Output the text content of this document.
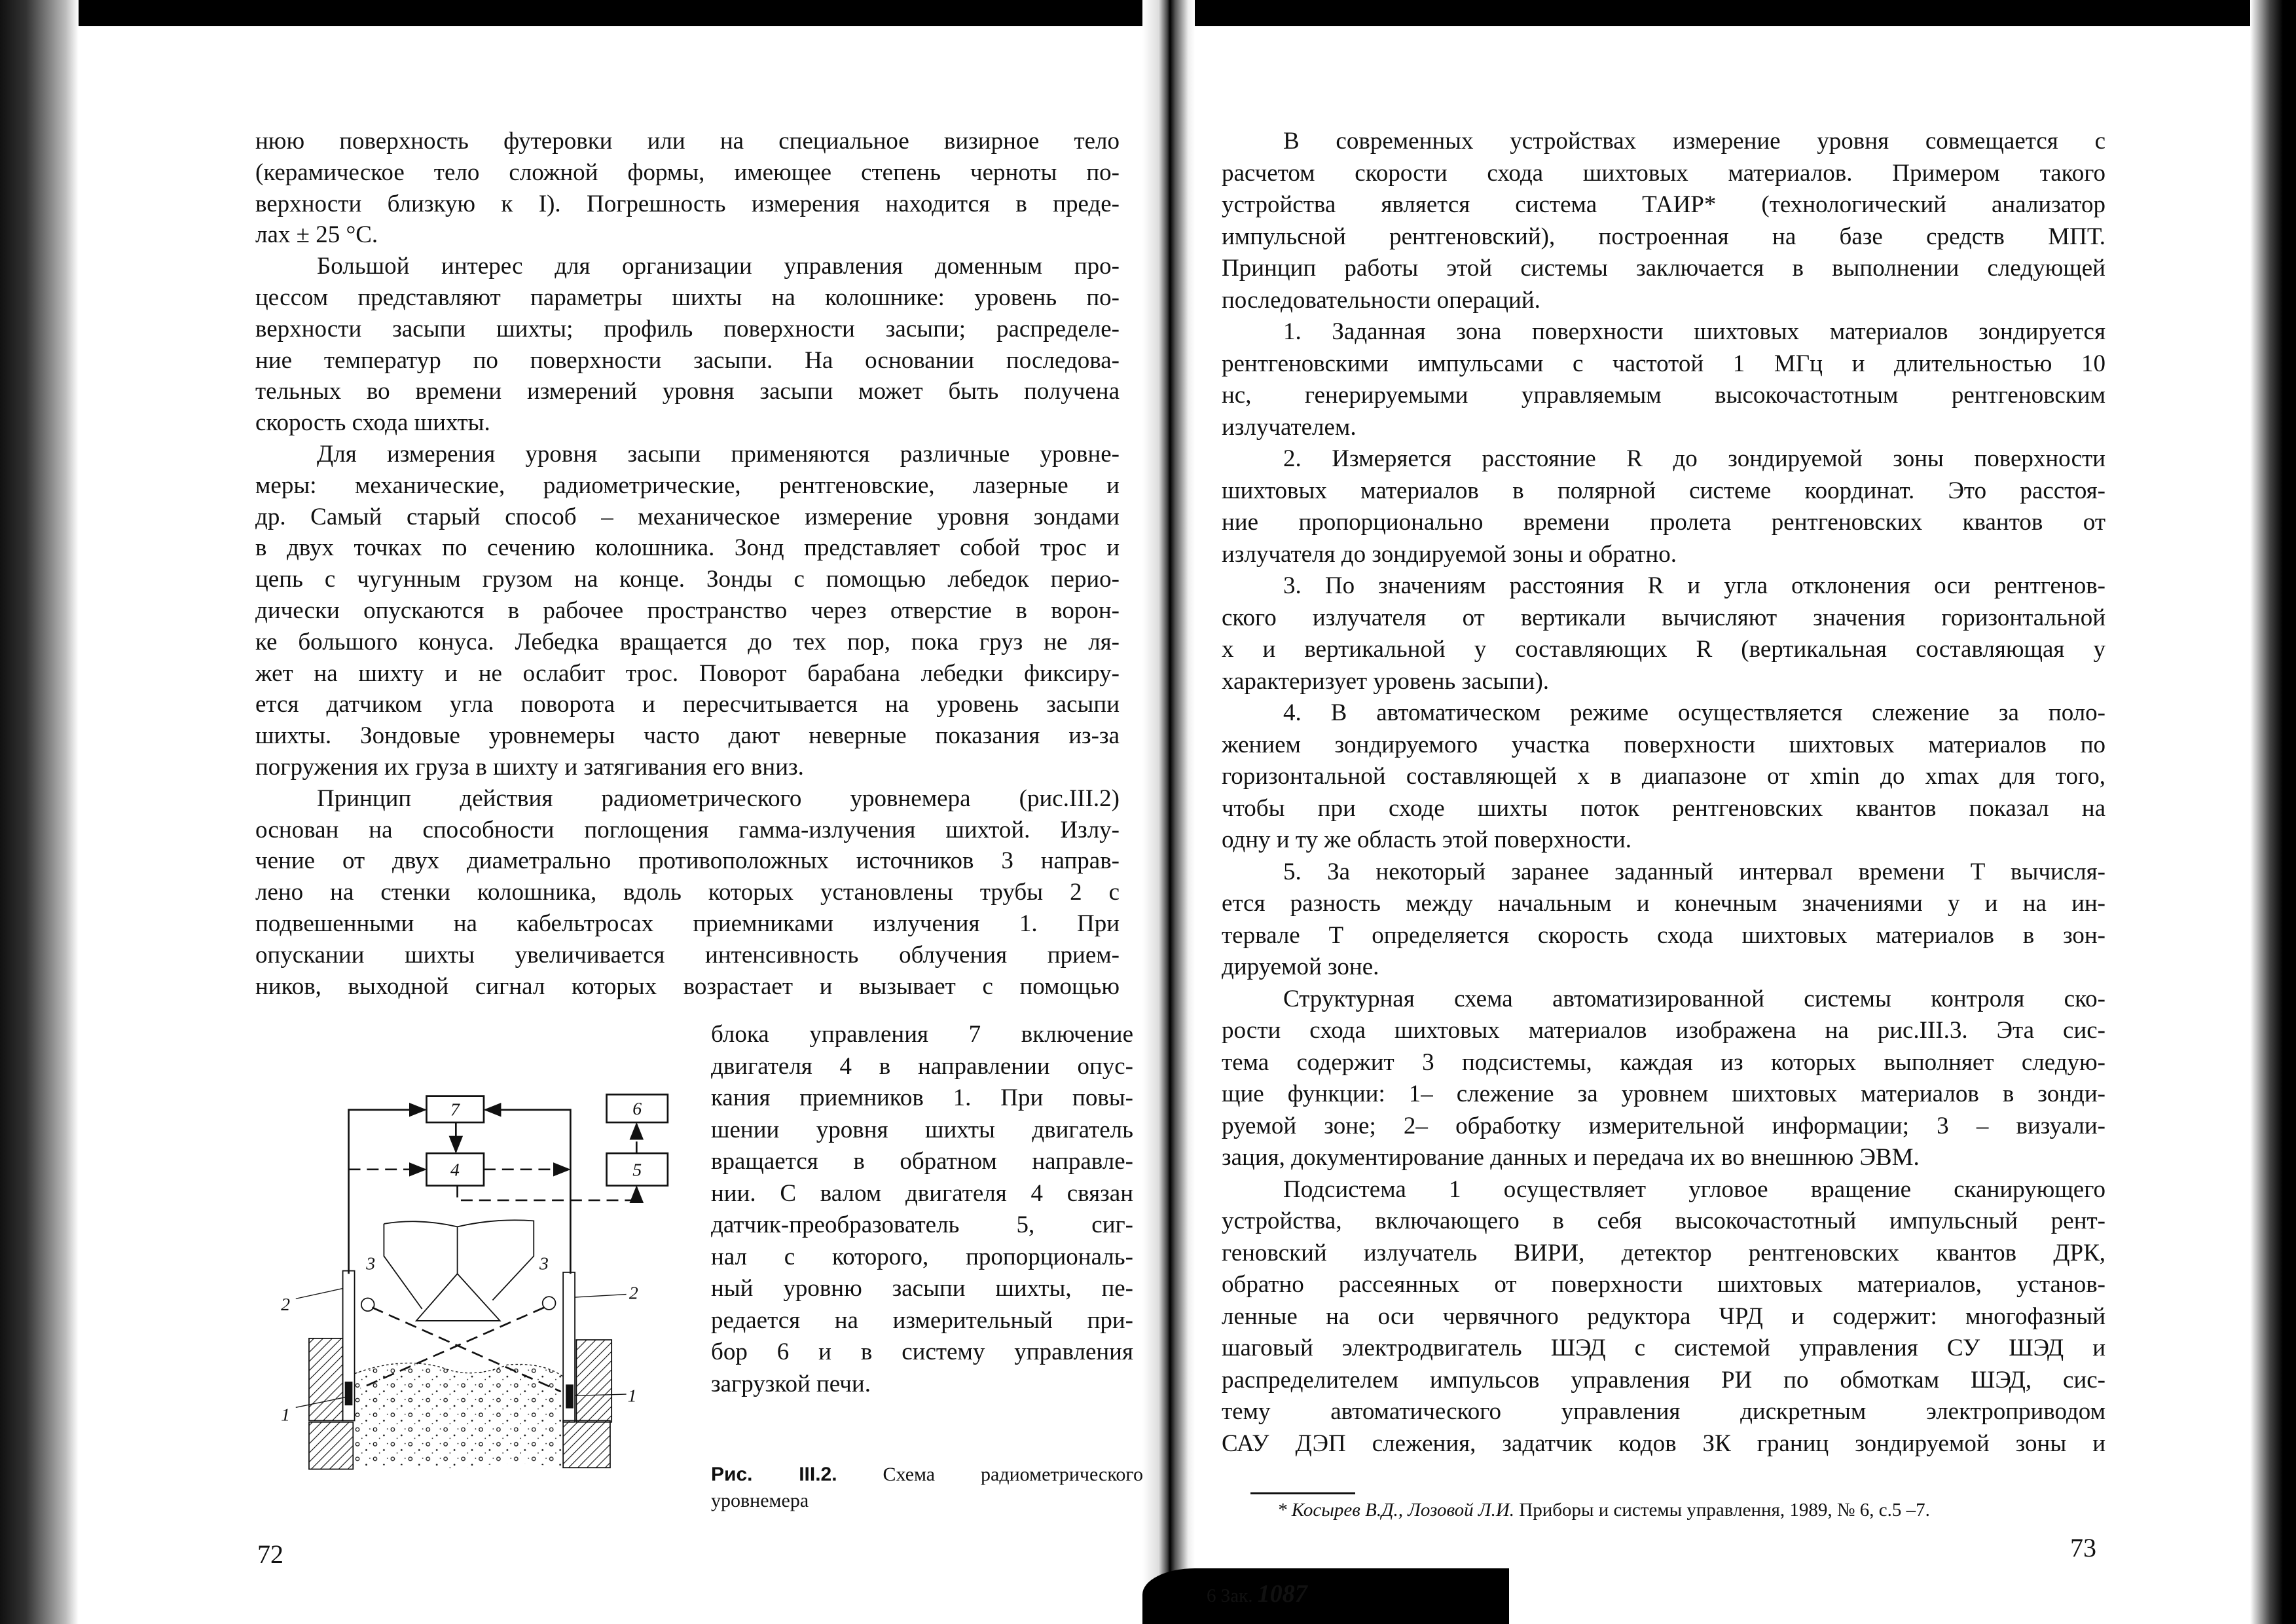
нюю поверхность футеровки или на специальное визирное тело
(керамическое тело сложной формы, имеющее степень черноты по-
верхности близкую к I). Погрешность измерения находится в преде-
лах ± 25 °С.
Большой интерес для организации управления доменным про-
цессом представляют параметры шихты на колошнике: уровень по-
верхности засыпи шихты; профиль поверхности засыпи; распределе-
ние температур по поверхности засыпи. На основании последова-
тельных во времени измерений уровня засыпи может быть получена
скорость схода шихты.
Для измерения уровня засыпи применяются различные уровне-
меры: механические, радиометрические, рентгеновские, лазерные и
др. Самый старый способ – механическое измерение уровня зондами
в двух точках по сечению колошника. Зонд представляет собой трос и
цепь с чугунным грузом на конце. Зонды с помощью лебедок перио-
дически опускаются в рабочее пространство через отверстие в ворон-
ке большого конуса. Лебедка вращается до тех пор, пока груз не ля-
жет на шихту и не ослабит трос. Поворот барабана лебедки фиксиру-
ется датчиком угла поворота и пересчитывается на уровень засыпи
шихты. Зондовые уровнемеры часто дают неверные показания из-за
погружения их груза в шихту и затягивания его вниз.
Принцип действия радиометрического уровнемера (рис.III.2)
основан на способности поглощения гамма-излучения шихтой. Излу-
чение от двух диаметрально противоположных источников 3 направ-
лено на стенки колошника, вдоль которых установлены трубы 2 с
подвешенными на кабельтросах приемниками излучения 1. При
опускании шихты увеличивается интенсивность облучения прием-
ников, выходной сигнал которых возрастает и вызывает с помощью
блока управления 7 включение
двигателя 4 в направлении опус-
кания приемников 1. При повы-
шении уровня шихты двигатель
вращается в обратном направле-
нии. С валом двигателя 4 связан
датчик-преобразователь 5, сиг-
нал с которого, пропорциональ-
ный уровню засыпи шихты, пе-
редается на измерительный при-
бор 6 и в систему управления
загрузкой печи.
7
4
6
5
3	3
2
2
1
1
Рис. III.2. Схема радиометрического
уровнемера
72
В современных устройствах измерение уровня совмещается с
расчетом скорости схода шихтовых материалов. Примером такого
устройства является система ТАИР* (технологический анализатор
импульсной рентгеновский), построенная на базе средств МПТ.
Принцип работы этой системы заключается в выполнении следующей
последовательности операций.
1. Заданная зона поверхности шихтовых материалов зондируется
рентгеновскими импульсами с частотой 1 МГц и длительностью 10
нс, генерируемыми управляемым высокочастотным рентгеновским
излучателем.
2. Измеряется расстояние R до зондируемой зоны поверхности
шихтовых материалов в полярной системе координат. Это расстоя-
ние пропорционально времени пролета рентгеновских квантов от
излучателя до зондируемой зоны и обратно.
3. По значениям расстояния R и угла отклонения оси рентгенов-
ского излучателя от вертикали вычисляют значения горизонтальной
x и вертикальной y составляющих R (вертикальная составляющая y
характеризует уровень засыпи).
4. В автоматическом режиме осуществляется слежение за поло-
жением зондируемого участка поверхности шихтовых материалов по
горизонтальной составляющей x в диапазоне от xmin до xmax для того,
чтобы при сходе шихты поток рентгеновских квантов показал на
одну и ту же область этой поверхности.
5. За некоторый заранее заданный интервал времени T вычисля-
ется разность между начальным и конечным значениями y и на ин-
тервале T определяется скорость схода шихтовых материалов в зон-
дируемой зоне.
Структурная схема автоматизированной системы контроля ско-
рости схода шихтовых материалов изображена на рис.III.3. Эта сис-
тема содержит 3 подсистемы, каждая из которых выполняет следую-
щие функции: 1– слежение за уровнем шихтовых материалов в зонди-
руемой зоне; 2– обработку измерительной информации; 3 – визуали-
зация, документирование данных и передача их во внешнюю ЭВМ.
Подсистема 1 осуществляет угловое вращение сканирующего
устройства, включающего в себя высокочастотный импульсный рент-
геновский излучатель ВИРИ, детектор рентгеновских квантов ДРК,
обратно рассеянных от поверхности шихтовых материалов, установ-
ленные на оси червячного редуктора ЧРД и содержит: многофазный
шаговый электродвигатель ШЭД с системой управления СУ ШЭД и
распределителем импульсов управления РИ по обмоткам ШЭД, сис-
тему автоматического управления дискретным электроприводом
САУ ДЭП слежения, задатчик кодов ЗК границ зондируемой зоны и
* Косырев В.Д., Лозовой Л.И. Приборы и системы управлення, 1989, № 6, с.5 –7.
73
6 Зак. 1087
